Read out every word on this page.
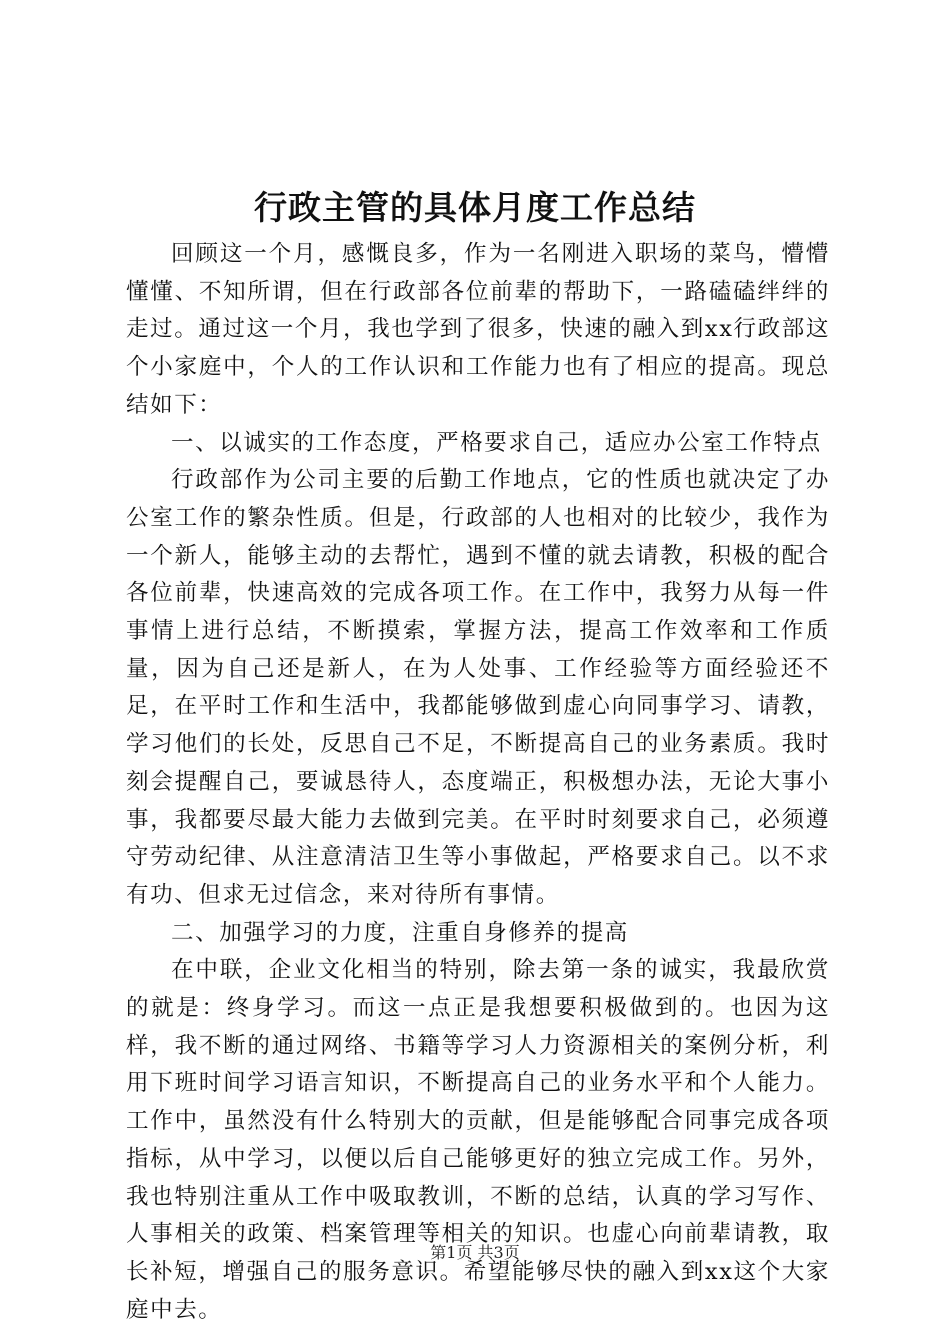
行政主管的具体月度工作总结

回顾这一个月，感慨良多，作为一名刚进入职场的菜鸟，懵懵懂懂、不知所谓，但在行政部各位前辈的帮助下，一路磕磕绊绊的走过。通过这一个月，我也学到了很多，快速的融入到xx行政部这个小家庭中，个人的工作认识和工作能力也有了相应的提高。现总结如下：

一、以诚实的工作态度，严格要求自己，适应办公室工作特点

行政部作为公司主要的后勤工作地点，它的性质也就决定了办公室工作的繁杂性质。但是，行政部的人也相对的比较少，我作为一个新人，能够主动的去帮忙，遇到不懂的就去请教，积极的配合各位前辈，快速高效的完成各项工作。在工作中，我努力从每一件事情上进行总结，不断摸索，掌握方法，提高工作效率和工作质量，因为自己还是新人，在为人处事、工作经验等方面经验还不足，在平时工作和生活中，我都能够做到虚心向同事学习、请教，学习他们的长处，反思自己不足，不断提高自己的业务素质。我时刻会提醒自己，要诚恳待人，态度端正，积极想办法，无论大事小事，我都要尽最大能力去做到完美。在平时时刻要求自己，必须遵守劳动纪律、从注意清洁卫生等小事做起，严格要求自己。以不求有功、但求无过信念，来对待所有事情。

二、加强学习的力度，注重自身修养的提高

在中联，企业文化相当的特别，除去第一条的诚实，我最欣赏的就是：终身学习。而这一点正是我想要积极做到的。也因为这样，我不断的通过网络、书籍等学习人力资源相关的案例分析，利用下班时间学习语言知识，不断提高自己的业务水平和个人能力。工作中，虽然没有什么特别大的贡献，但是能够配合同事完成各项指标，从中学习，以便以后自己能够更好的独立完成工作。另外，我也特别注重从工作中吸取教训，不断的总结，认真的学习写作、人事相关的政策、档案管理等相关的知识。也虚心向前辈请教，取长补短，增强自己的服务意识。希望能够尽快的融入到xx这个大家庭中去。

第1页 共3页
